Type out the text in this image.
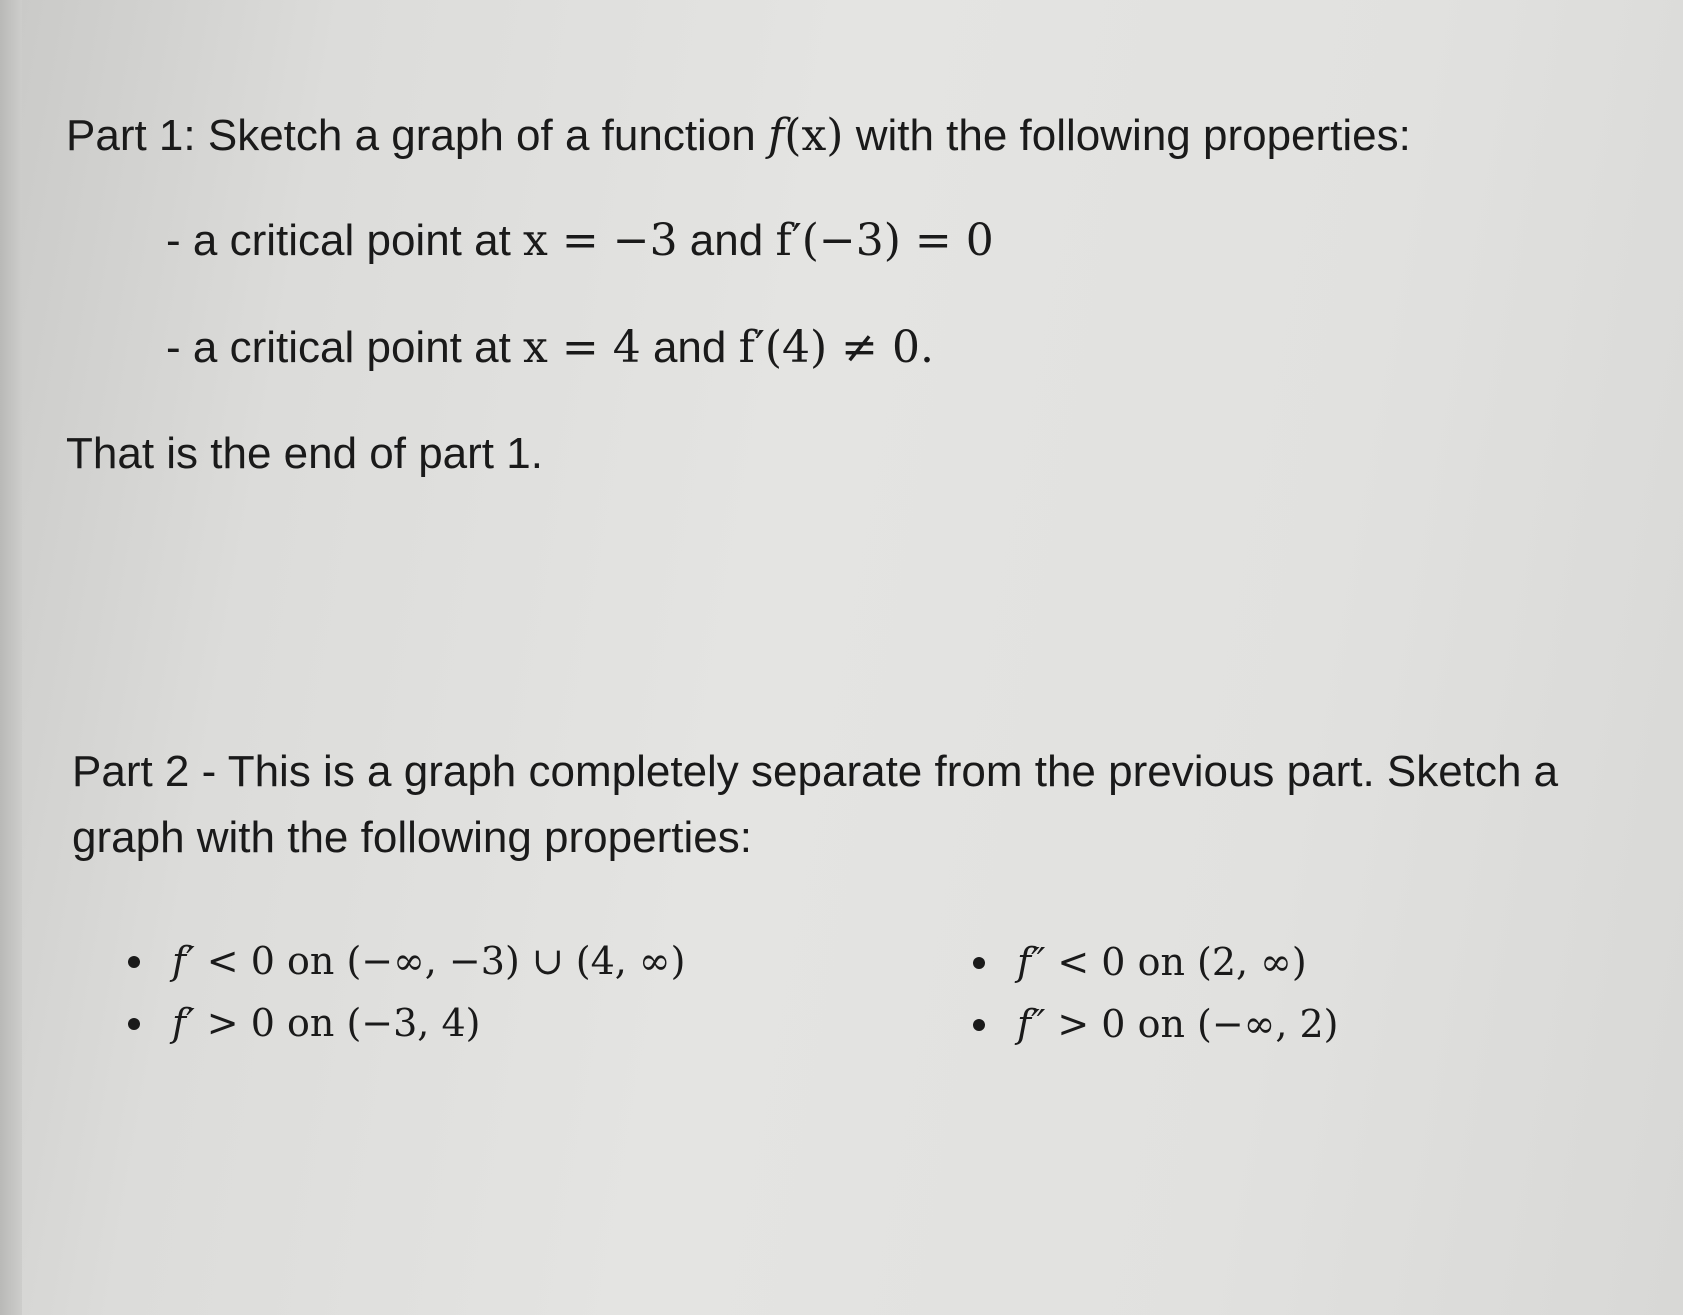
Part 1: Sketch a graph of a function f(x) with the following properties:
- a critical point at x = −3 and f′(−3) = 0
- a critical point at x = 4 and f′(4) ≠ 0.
That is the end of part 1.
Part 2 - This is a graph completely separate from the previous part. Sketch a
graph with the following properties:
f′ < 0 on (−∞, −3) ∪ (4, ∞)
f′ > 0 on (−3, 4)
f″ < 0 on (2, ∞)
f″ > 0 on (−∞, 2)
